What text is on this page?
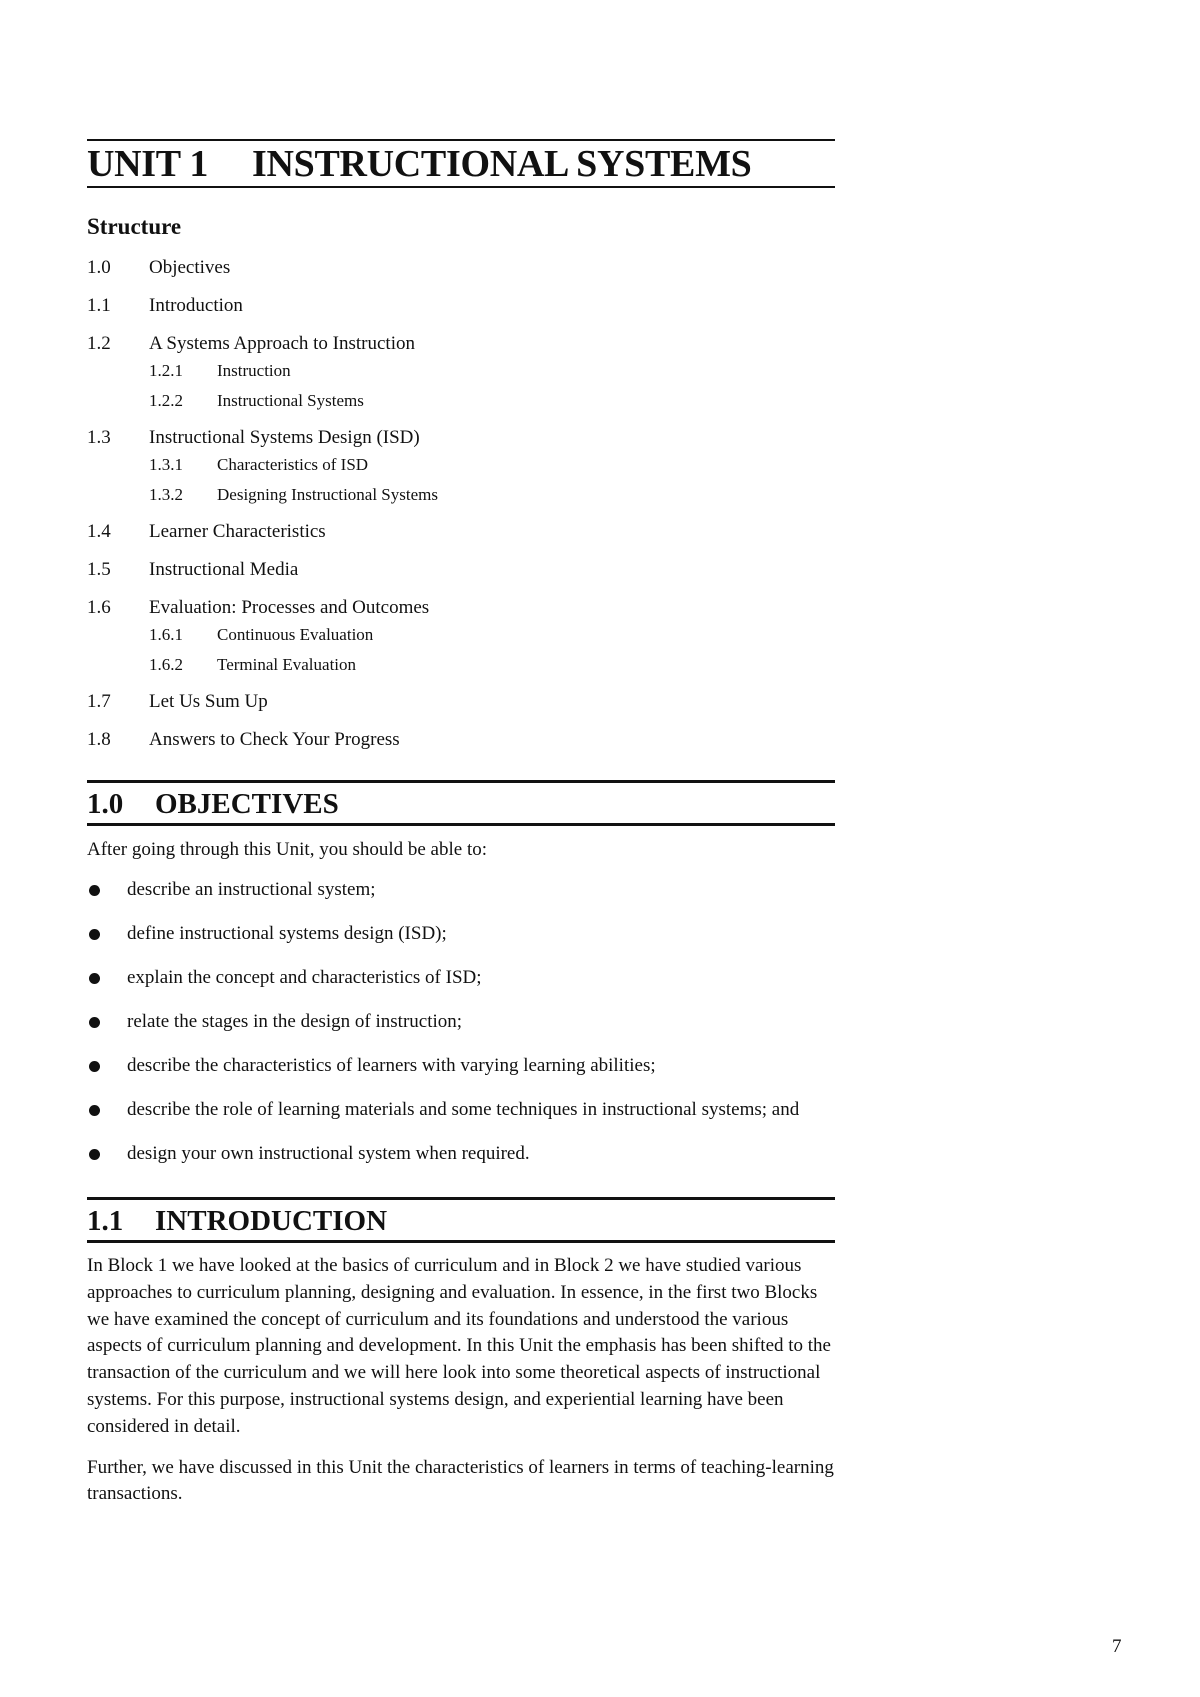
UNIT 1 INSTRUCTIONAL SYSTEMS
Structure
1.0	Objectives
1.1	Introduction
1.2	A Systems Approach to Instruction
1.2.1	Instruction
1.2.2	Instructional Systems
1.3	Instructional Systems Design (ISD)
1.3.1	Characteristics of ISD
1.3.2	Designing Instructional Systems
1.4	Learner Characteristics
1.5	Instructional Media
1.6	Evaluation: Processes and Outcomes
1.6.1	Continuous Evaluation
1.6.2	Terminal Evaluation
1.7	Let Us Sum Up
1.8	Answers to Check Your Progress
1.0 OBJECTIVES
After going through this Unit, you should be able to:
describe an instructional system;
define instructional systems design (ISD);
explain the concept and characteristics of ISD;
relate the stages in the design of instruction;
describe the characteristics of learners with varying learning abilities;
describe the role of learning materials and some techniques in instructional systems; and
design your own instructional system when required.
1.1 INTRODUCTION

In Block 1 we have looked at the basics of curriculum and in Block 2 we have studied various approaches to curriculum planning, designing and evaluation. In essence, in the first two Blocks we have examined the concept of curriculum and its foundations and understood the various aspects of curriculum planning and development. In this Unit the emphasis has been shifted to the transaction of the curriculum and we will here look into some theoretical aspects of instructional systems. For this purpose, instructional systems design, and experiential learning have been considered in detail.

Further, we have discussed in this Unit the characteristics of learners in terms of teaching-learning transactions.

7
